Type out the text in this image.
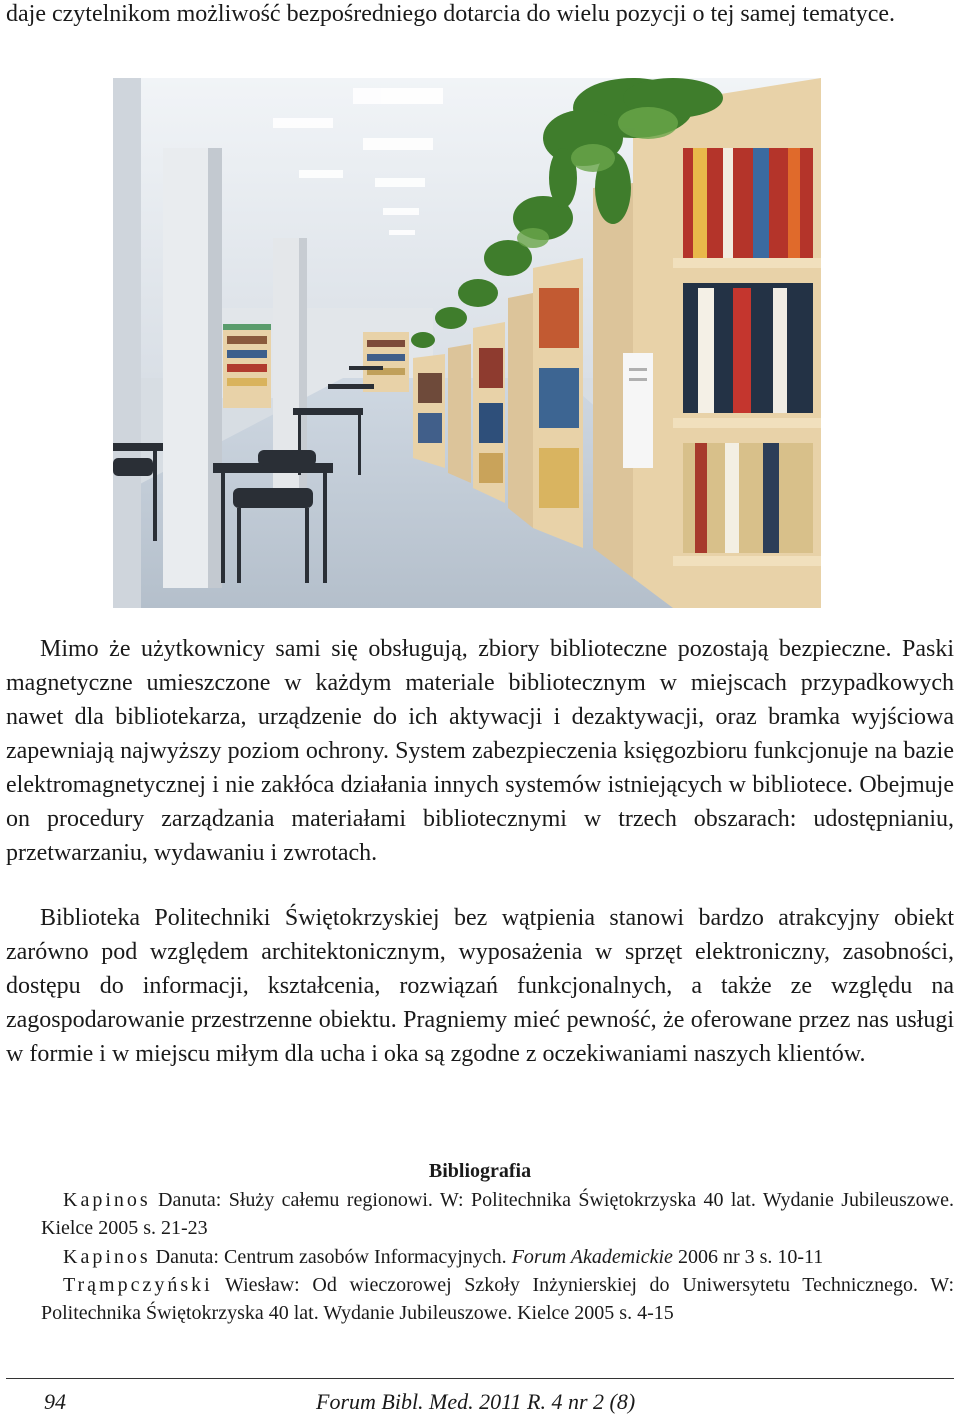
daje czytelnikom możliwość bezpośredniego dotarcia do wielu pozycji o tej samej tematyce.

Mimo że użytkownicy sami się obsługują, zbiory biblioteczne pozostają bezpieczne. Paski magnetyczne umieszczone w każdym materiale bibliotecznym w miejscach przypadkowych nawet dla bibliotekarza, urządzenie do ich aktywacji i dezaktywacji, oraz bramka wyjściowa zapewniają najwyższy poziom ochrony. System zabezpieczenia księgozbioru funkcjonuje na bazie elektromagnetycznej i nie zakłóca działania innych systemów istniejących w bibliotece. Obejmuje on procedury zarządzania materiałami bibliotecznymi w trzech obszarach: udostępnianiu, przetwarzaniu, wydawaniu i zwrotach.

Biblioteka Politechniki Świętokrzyskiej bez wątpienia stanowi bardzo atrakcyjny obiekt zarówno pod względem architektonicznym, wyposażenia w sprzęt elektroniczny, zasobności, dostępu do informacji, kształcenia, rozwiązań funkcjonalnych, a także ze względu na zagospodarowanie przestrzenne obiektu. Pragniemy mieć pewność, że oferowane przez nas usługi w formie i w miejscu miłym dla ucha i oka są zgodne z oczekiwaniami naszych klientów.

Bibliografia

Kapinos Danuta: Służy całemu regionowi. W: Politechnika Świętokrzyska 40 lat. Wydanie Jubileuszowe. Kielce 2005 s. 21-23

Kapinos Danuta: Centrum zasobów Informacyjnych. Forum Akademickie 2006 nr 3 s. 10-11

Trąmpczyński Wiesław: Od wieczorowej Szkoły Inżynierskiej do Uniwersytetu Technicznego. W: Politechnika Świętokrzyska 40 lat. Wydanie Jubileuszowe. Kielce 2005 s. 4-15

94	Forum Bibl. Med. 2011 R. 4 nr 2 (8)
